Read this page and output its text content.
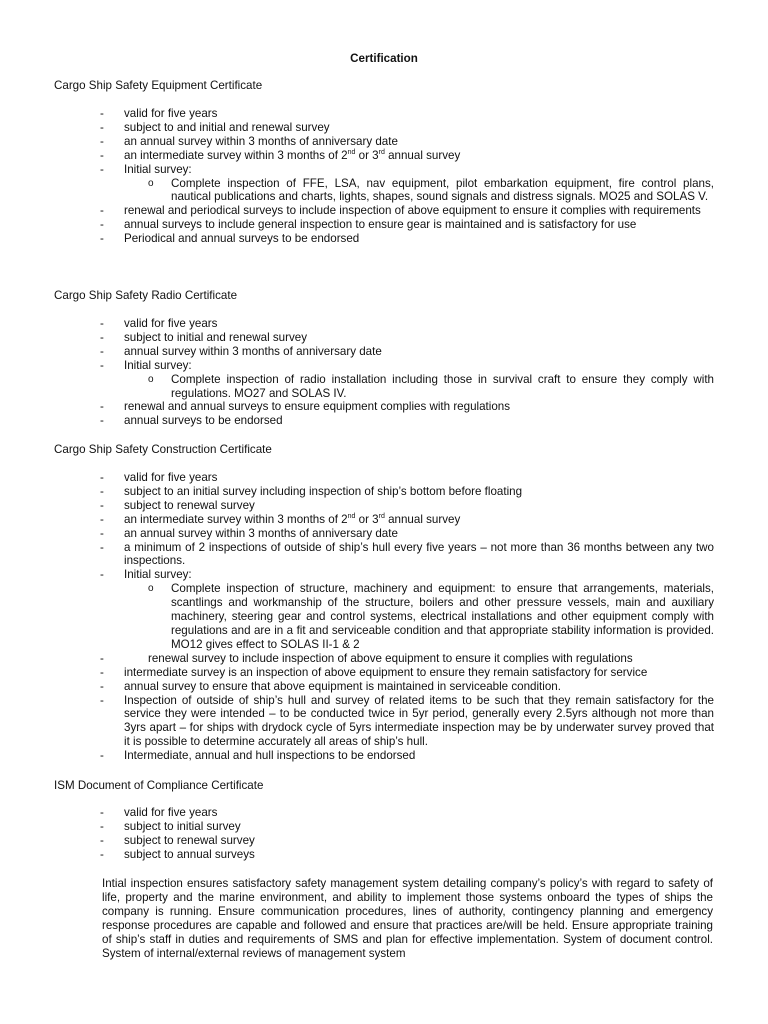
Certification
Cargo Ship Safety Equipment Certificate
- valid for five years
- subject to and initial and renewal survey
- an annual survey within 3 months of anniversary date
- an intermediate survey within 3 months of 2nd or 3rd annual survey
- Initial survey:
o Complete inspection of FFE, LSA, nav equipment, pilot embarkation equipment, fire control plans, nautical publications and charts, lights, shapes, sound signals and distress signals. MO25 and SOLAS V.
- renewal and periodical surveys to include inspection of above equipment to ensure it complies with requirements
- annual surveys to include general inspection to ensure gear is maintained and is satisfactory for use
- Periodical and annual surveys to be endorsed
Cargo Ship Safety Radio Certificate
- valid for five years
- subject to initial and renewal survey
- annual survey within 3 months of anniversary date
- Initial survey:
o Complete inspection of radio installation including those in survival craft to ensure they comply with regulations. MO27 and SOLAS IV.
- renewal and annual surveys to ensure equipment complies with regulations
- annual surveys to be endorsed
Cargo Ship Safety Construction Certificate
- valid for five years
- subject to an initial survey including inspection of ship’s bottom before floating
- subject to renewal survey
- an intermediate survey within 3 months of 2nd or 3rd annual survey
- an annual survey within 3 months of anniversary date
- a minimum of 2 inspections of outside of ship’s hull every five years – not more than 36 months between any two inspections.
- Initial survey:
o Complete inspection of structure, machinery and equipment: to ensure that arrangements, materials, scantlings and workmanship of the structure, boilers and other pressure vessels, main and auxiliary machinery, steering gear and control systems, electrical installations and other equipment comply with regulations and are in a fit and serviceable condition and that appropriate stability information is provided. MO12 gives effect to SOLAS II-1 & 2
-	renewal survey to include inspection of above equipment to ensure it complies with regulations
- intermediate survey is an inspection of above equipment to ensure they remain satisfactory for service
- annual survey to ensure that above equipment is maintained in serviceable condition.
- Inspection of outside of ship’s hull and survey of related items to be such that they remain satisfactory for the service they were intended – to be conducted twice in 5yr period, generally every 2.5yrs although not more than 3yrs apart – for ships with drydock cycle of 5yrs intermediate inspection may be by underwater survey proved that it is possible to determine accurately all areas of ship’s hull.
- Intermediate, annual and hull inspections to be endorsed
ISM Document of Compliance Certificate
- valid for five years
- subject to initial survey
- subject to renewal survey
- subject to annual surveys
Intial inspection ensures satisfactory safety management system detailing company’s policy’s with regard to safety of life, property and the marine environment, and ability to implement those systems onboard the types of ships the company is running. Ensure communication procedures, lines of authority, contingency planning and emergency response procedures are capable and followed and ensure that practices are/will be held. Ensure appropriate training of ship’s staff in duties and requirements of SMS and plan for effective implementation. System of document control. System of internal/external reviews of management system
